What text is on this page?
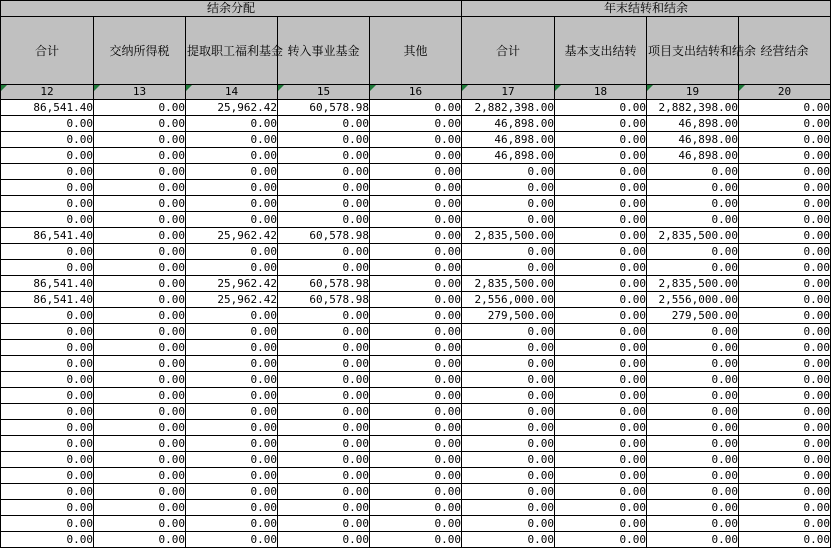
结余分配					年末结转和结余			
合计	交纳所得税	提取职工福利基金	转入事业基金	其他	合计	基本支出结转	项目支出结转和结余	经营结余

12	13	14	15	16	17	18	19	20
86,541.40	0.00	25,962.42	60,578.98	0.00	2,882,398.00	0.00	2,882,398.00	0.00
0.00	0.00	0.00	0.00	0.00	46,898.00	0.00	46,898.00	0.00
0.00	0.00	0.00	0.00	0.00	46,898.00	0.00	46,898.00	0.00
0.00	0.00	0.00	0.00	0.00	46,898.00	0.00	46,898.00	0.00
0.00	0.00	0.00	0.00	0.00	0.00	0.00	0.00	0.00
0.00	0.00	0.00	0.00	0.00	0.00	0.00	0.00	0.00
0.00	0.00	0.00	0.00	0.00	0.00	0.00	0.00	0.00
0.00	0.00	0.00	0.00	0.00	0.00	0.00	0.00	0.00
86,541.40	0.00	25,962.42	60,578.98	0.00	2,835,500.00	0.00	2,835,500.00	0.00
0.00	0.00	0.00	0.00	0.00	0.00	0.00	0.00	0.00
0.00	0.00	0.00	0.00	0.00	0.00	0.00	0.00	0.00
86,541.40	0.00	25,962.42	60,578.98	0.00	2,835,500.00	0.00	2,835,500.00	0.00
86,541.40	0.00	25,962.42	60,578.98	0.00	2,556,000.00	0.00	2,556,000.00	0.00
0.00	0.00	0.00	0.00	0.00	279,500.00	0.00	279,500.00	0.00
0.00	0.00	0.00	0.00	0.00	0.00	0.00	0.00	0.00
0.00	0.00	0.00	0.00	0.00	0.00	0.00	0.00	0.00
0.00	0.00	0.00	0.00	0.00	0.00	0.00	0.00	0.00
0.00	0.00	0.00	0.00	0.00	0.00	0.00	0.00	0.00
0.00	0.00	0.00	0.00	0.00	0.00	0.00	0.00	0.00
0.00	0.00	0.00	0.00	0.00	0.00	0.00	0.00	0.00
0.00	0.00	0.00	0.00	0.00	0.00	0.00	0.00	0.00
0.00	0.00	0.00	0.00	0.00	0.00	0.00	0.00	0.00
0.00	0.00	0.00	0.00	0.00	0.00	0.00	0.00	0.00
0.00	0.00	0.00	0.00	0.00	0.00	0.00	0.00	0.00
0.00	0.00	0.00	0.00	0.00	0.00	0.00	0.00	0.00
0.00	0.00	0.00	0.00	0.00	0.00	0.00	0.00	0.00
0.00	0.00	0.00	0.00	0.00	0.00	0.00	0.00	0.00
0.00	0.00	0.00	0.00	0.00	0.00	0.00	0.00	0.00
